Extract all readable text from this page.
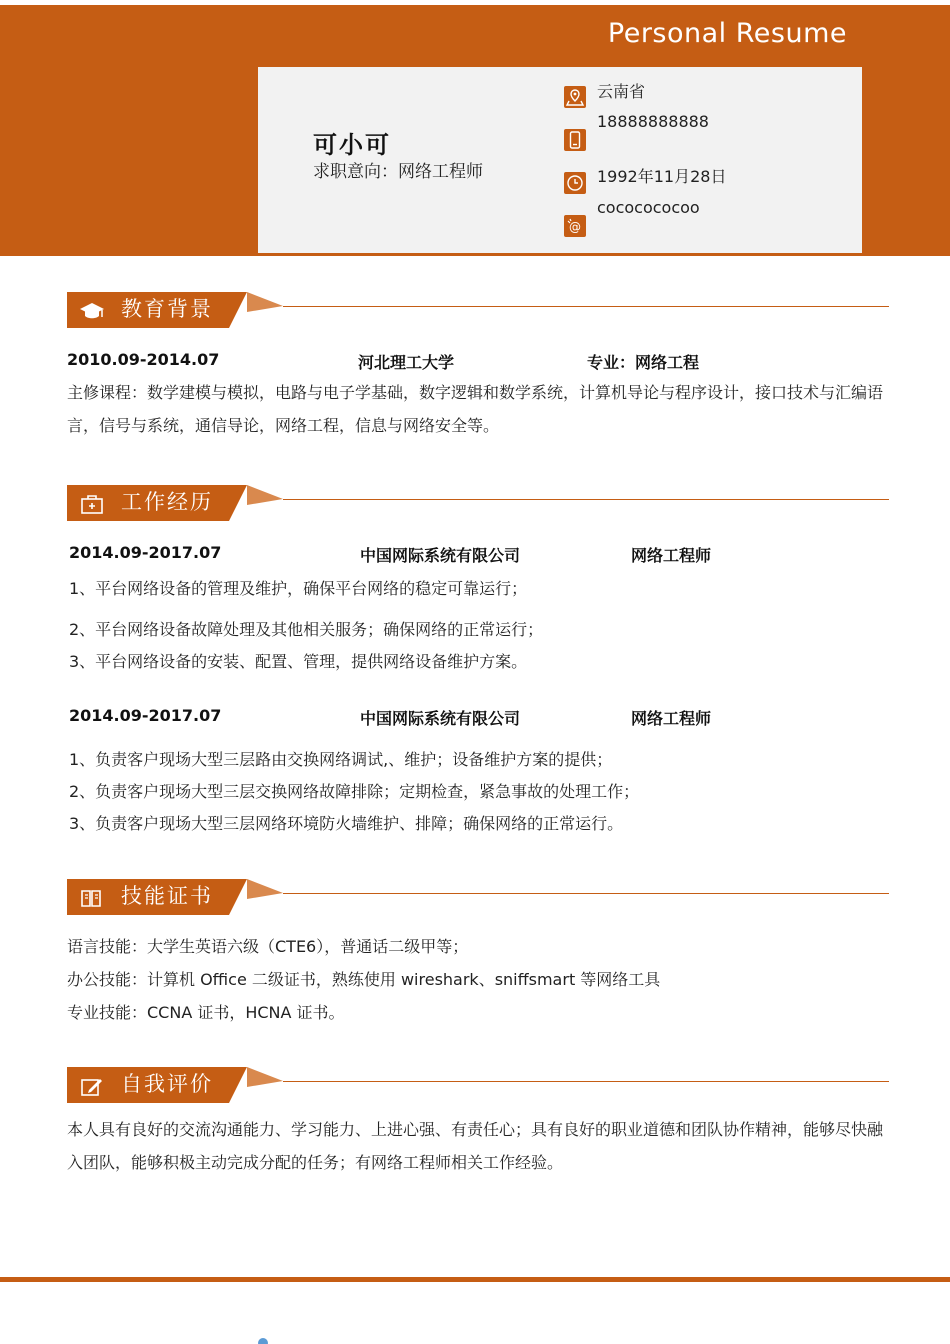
Personal Resume
可小可
求职意向：网络工程师
云南省
18888888888
1992年11月28日
@
cococococoo
教育背景
2010.09-2014.07	河北理工大学	专业：网络工程
主修课程：数学建模与模拟，电路与电子学基础，数字逻辑和数学系统，计算机导论与程序设计，接口技术与汇编语言，信号与系统，通信导论，网络工程，信息与网络安全等。
工作经历
2014.09-2017.07	中国网际系统有限公司	网络工程师
1、平台网络设备的管理及维护，确保平台网络的稳定可靠运行；
2、平台网络设备故障处理及其他相关服务；确保网络的正常运行；
3、平台网络设备的安装、配置、管理，提供网络设备维护方案。
2014.09-2017.07	中国网际系统有限公司	网络工程师
1、负责客户现场大型三层路由交换网络调试,、维护；设备维护方案的提供；
2、负责客户现场大型三层交换网络故障排除；定期检查，紧急事故的处理工作；
3、负责客户现场大型三层网络环境防火墙维护、排障；确保网络的正常运行。
技能证书
语言技能：大学生英语六级（CTE6），普通话二级甲等；
办公技能：计算机 Office 二级证书，熟练使用 wireshark、sniffsmart 等网络工具
专业技能：CCNA 证书，HCNA 证书。
自我评价
本人具有良好的交流沟通能力、学习能力、上进心强、有责任心；具有良好的职业道德和团队协作精神，能够尽快融入团队，能够积极主动完成分配的任务；有网络工程师相关工作经验。
